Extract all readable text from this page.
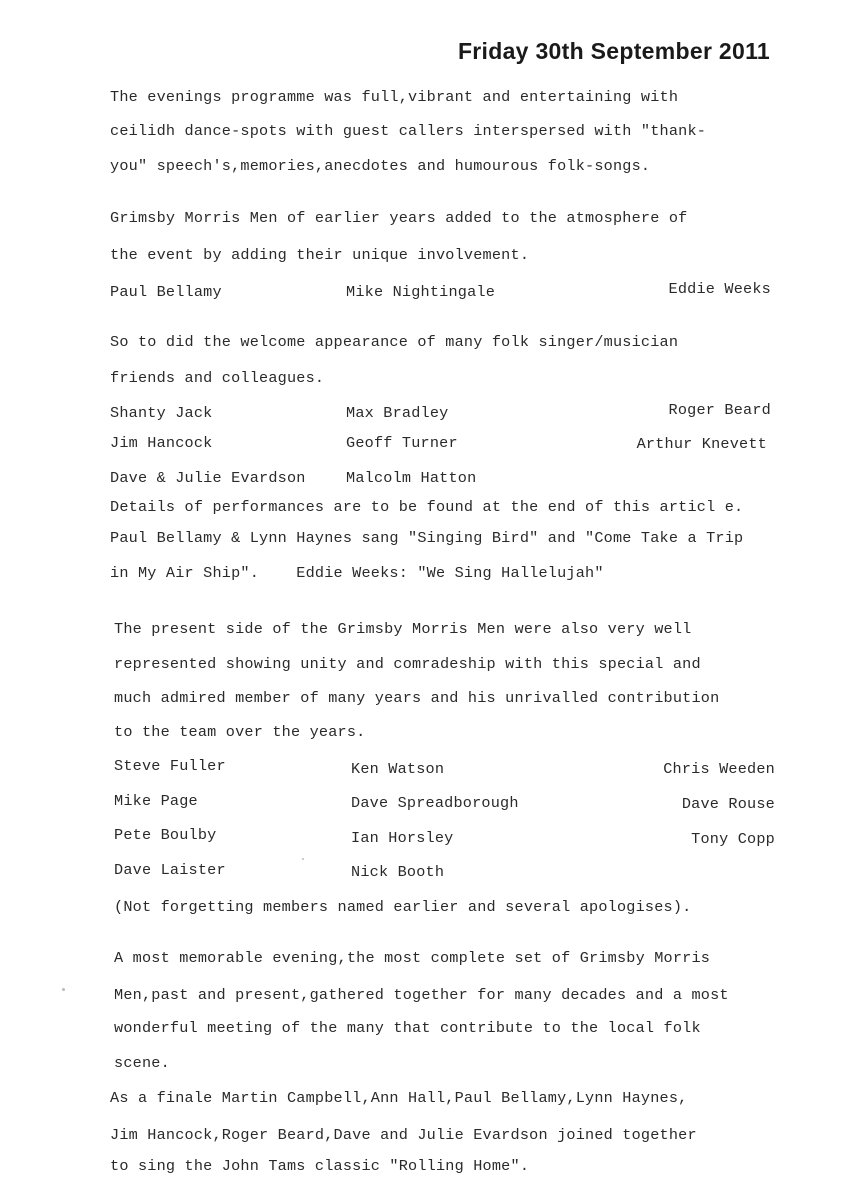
Friday 30th September 2011
The evenings programme was full,vibrant and entertaining with
ceilidh dance-spots with guest callers interspersed with "thank-
you" speech's,memories,anecdotes and humourous folk-songs.
Grimsby Morris Men of earlier years added to the atmosphere of
the event by adding their unique involvement.
Paul Bellamy	Mike Nightingale	Eddie Weeks
So to did the welcome appearance of many folk singer/musician
friends and colleagues.
Shanty Jack	Max Bradley	Roger Beard
Jim Hancock	Geoff Turner	Arthur Knevett
Dave & Julie Evardson	Malcolm Hatton
Details of performances are to be found at the end of this articl e.
Paul Bellamy & Lynn Haynes sang "Singing Bird" and "Come Take a Trip
in My Air Ship".    Eddie Weeks: "We Sing Hallelujah"
The present side of the Grimsby Morris Men were also very well
represented showing unity and comradeship with this special and
much admired member of many years and his unrivalled contribution
to the team over the years.
Steve Fuller	Ken Watson	Chris Weeden
Mike Page	Dave Spreadborough	Dave Rouse
Pete Boulby	Ian Horsley	Tony Copp
Dave Laister	Nick Booth
(Not forgetting members named earlier and several apologises).
A most memorable evening,the most complete set of Grimsby Morris
Men,past and present,gathered together for many decades and a most
wonderful meeting of the many that contribute to the local folk
scene.
As a finale Martin Campbell,Ann Hall,Paul Bellamy,Lynn Haynes,
Jim Hancock,Roger Beard,Dave and Julie Evardson joined together
to sing the John Tams classic "Rolling Home".
